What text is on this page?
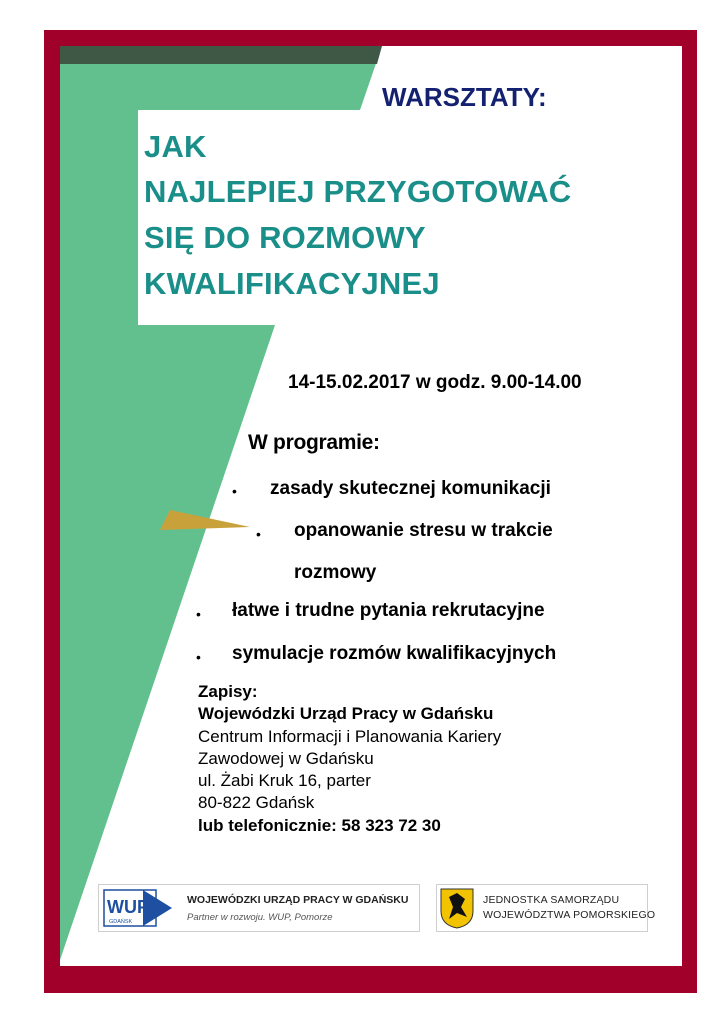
WARSZTATY:
JAK
NAJLEPIEJ PRZYGOTOWAĆ
SIĘ DO ROZMOWY
KWALIFIKACYJNEJ
14-15.02.2017 w godz. 9.00-14.00
W programie:
• zasady skutecznej komunikacji
• opanowanie stresu w trakcie
rozmowy
• łatwe i trudne pytania rekrutacyjne
• symulacje rozmów kwalifikacyjnych
Zapisy:
Wojewódzki Urząd Pracy w Gdańsku
Centrum Informacji i Planowania Kariery
Zawodowej w Gdańsku
ul. Żabi Kruk 16, parter
80-822 Gdańsk
lub telefonicznie: 58 323 72 30
WUP
GDAŃSK
WOJEWÓDZKI URZĄD PRACY W GDAŃSKU
Partner w rozwoju. WUP, Pomorze
JEDNOSTKA SAMORZĄDU
WOJEWÓDZTWA POMORSKIEGO
